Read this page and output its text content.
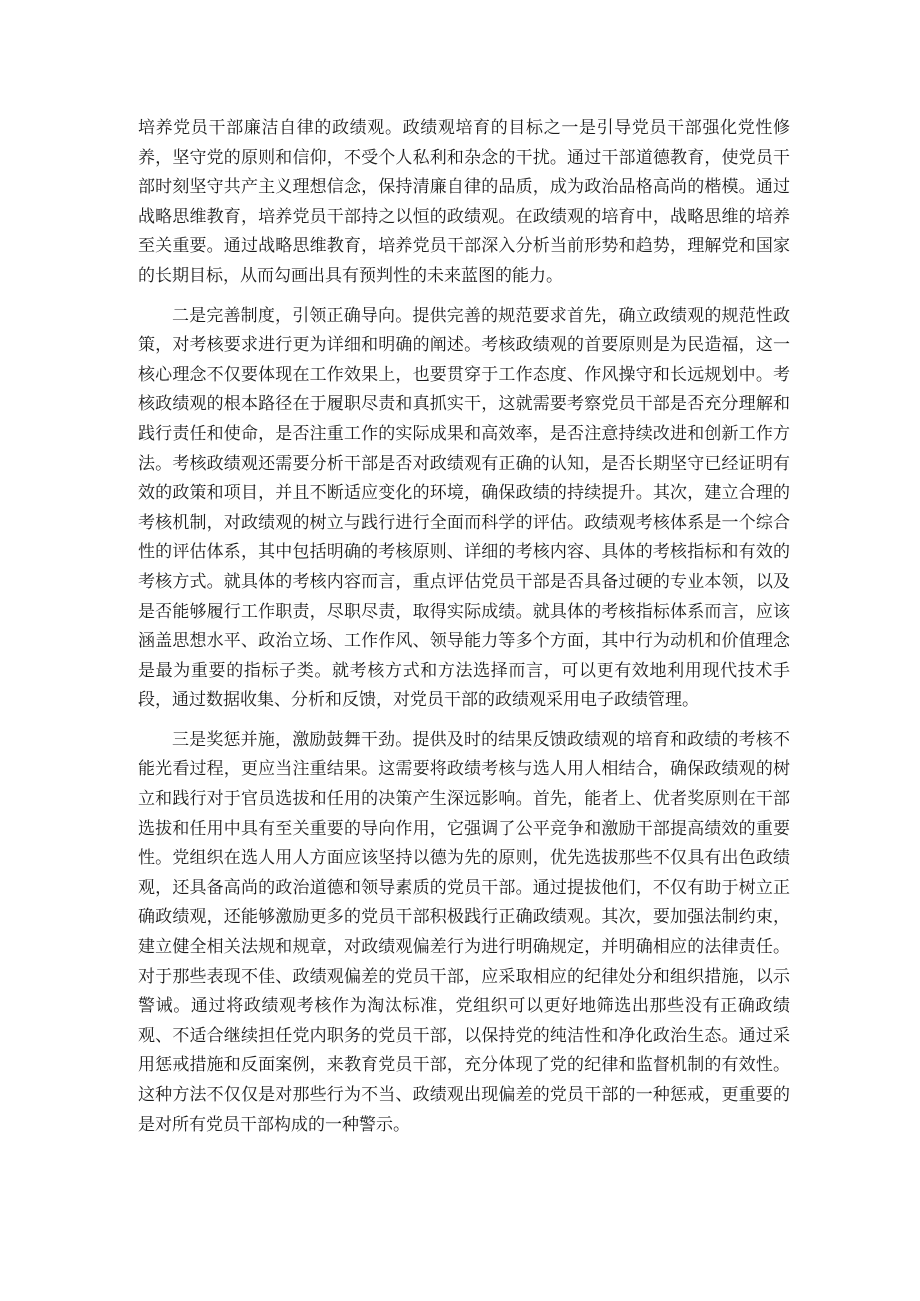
培养党员干部廉洁自律的政绩观。政绩观培育的目标之一是引导党员干部强化党性修养，坚守党的原则和信仰，不受个人私利和杂念的干扰。通过干部道德教育，使党员干部时刻坚守共产主义理想信念，保持清廉自律的品质，成为政治品格高尚的楷模。通过战略思维教育，培养党员干部持之以恒的政绩观。在政绩观的培育中，战略思维的培养至关重要。通过战略思维教育，培养党员干部深入分析当前形势和趋势，理解党和国家的长期目标，从而勾画出具有预判性的未来蓝图的能力。

二是完善制度，引领正确导向。提供完善的规范要求首先，确立政绩观的规范性政策，对考核要求进行更为详细和明确的阐述。考核政绩观的首要原则是为民造福，这一核心理念不仅要体现在工作效果上，也要贯穿于工作态度、作风操守和长远规划中。考核政绩观的根本路径在于履职尽责和真抓实干，这就需要考察党员干部是否充分理解和践行责任和使命，是否注重工作的实际成果和高效率，是否注意持续改进和创新工作方法。考核政绩观还需要分析干部是否对政绩观有正确的认知，是否长期坚守已经证明有效的政策和项目，并且不断适应变化的环境，确保政绩的持续提升。其次，建立合理的考核机制，对政绩观的树立与践行进行全面而科学的评估。政绩观考核体系是一个综合性的评估体系，其中包括明确的考核原则、详细的考核内容、具体的考核指标和有效的考核方式。就具体的考核内容而言，重点评估党员干部是否具备过硬的专业本领，以及是否能够履行工作职责，尽职尽责，取得实际成绩。就具体的考核指标体系而言，应该涵盖思想水平、政治立场、工作作风、领导能力等多个方面，其中行为动机和价值理念是最为重要的指标子类。就考核方式和方法选择而言，可以更有效地利用现代技术手段，通过数据收集、分析和反馈，对党员干部的政绩观采用电子政绩管理。

三是奖惩并施，激励鼓舞干劲。提供及时的结果反馈政绩观的培育和政绩的考核不能光看过程，更应当注重结果。这需要将政绩考核与选人用人相结合，确保政绩观的树立和践行对于官员选拔和任用的决策产生深远影响。首先，能者上、优者奖原则在干部选拔和任用中具有至关重要的导向作用，它强调了公平竞争和激励干部提高绩效的重要性。党组织在选人用人方面应该坚持以德为先的原则，优先选拔那些不仅具有出色政绩观，还具备高尚的政治道德和领导素质的党员干部。通过提拔他们，不仅有助于树立正确政绩观，还能够激励更多的党员干部积极践行正确政绩观。其次，要加强法制约束，建立健全相关法规和规章，对政绩观偏差行为进行明确规定，并明确相应的法律责任。对于那些表现不佳、政绩观偏差的党员干部，应采取相应的纪律处分和组织措施，以示警诫。通过将政绩观考核作为淘汰标准，党组织可以更好地筛选出那些没有正确政绩观、不适合继续担任党内职务的党员干部，以保持党的纯洁性和净化政治生态。通过采用惩戒措施和反面案例，来教育党员干部，充分体现了党的纪律和监督机制的有效性。这种方法不仅仅是对那些行为不当、政绩观出现偏差的党员干部的一种惩戒，更重要的是对所有党员干部构成的一种警示。
